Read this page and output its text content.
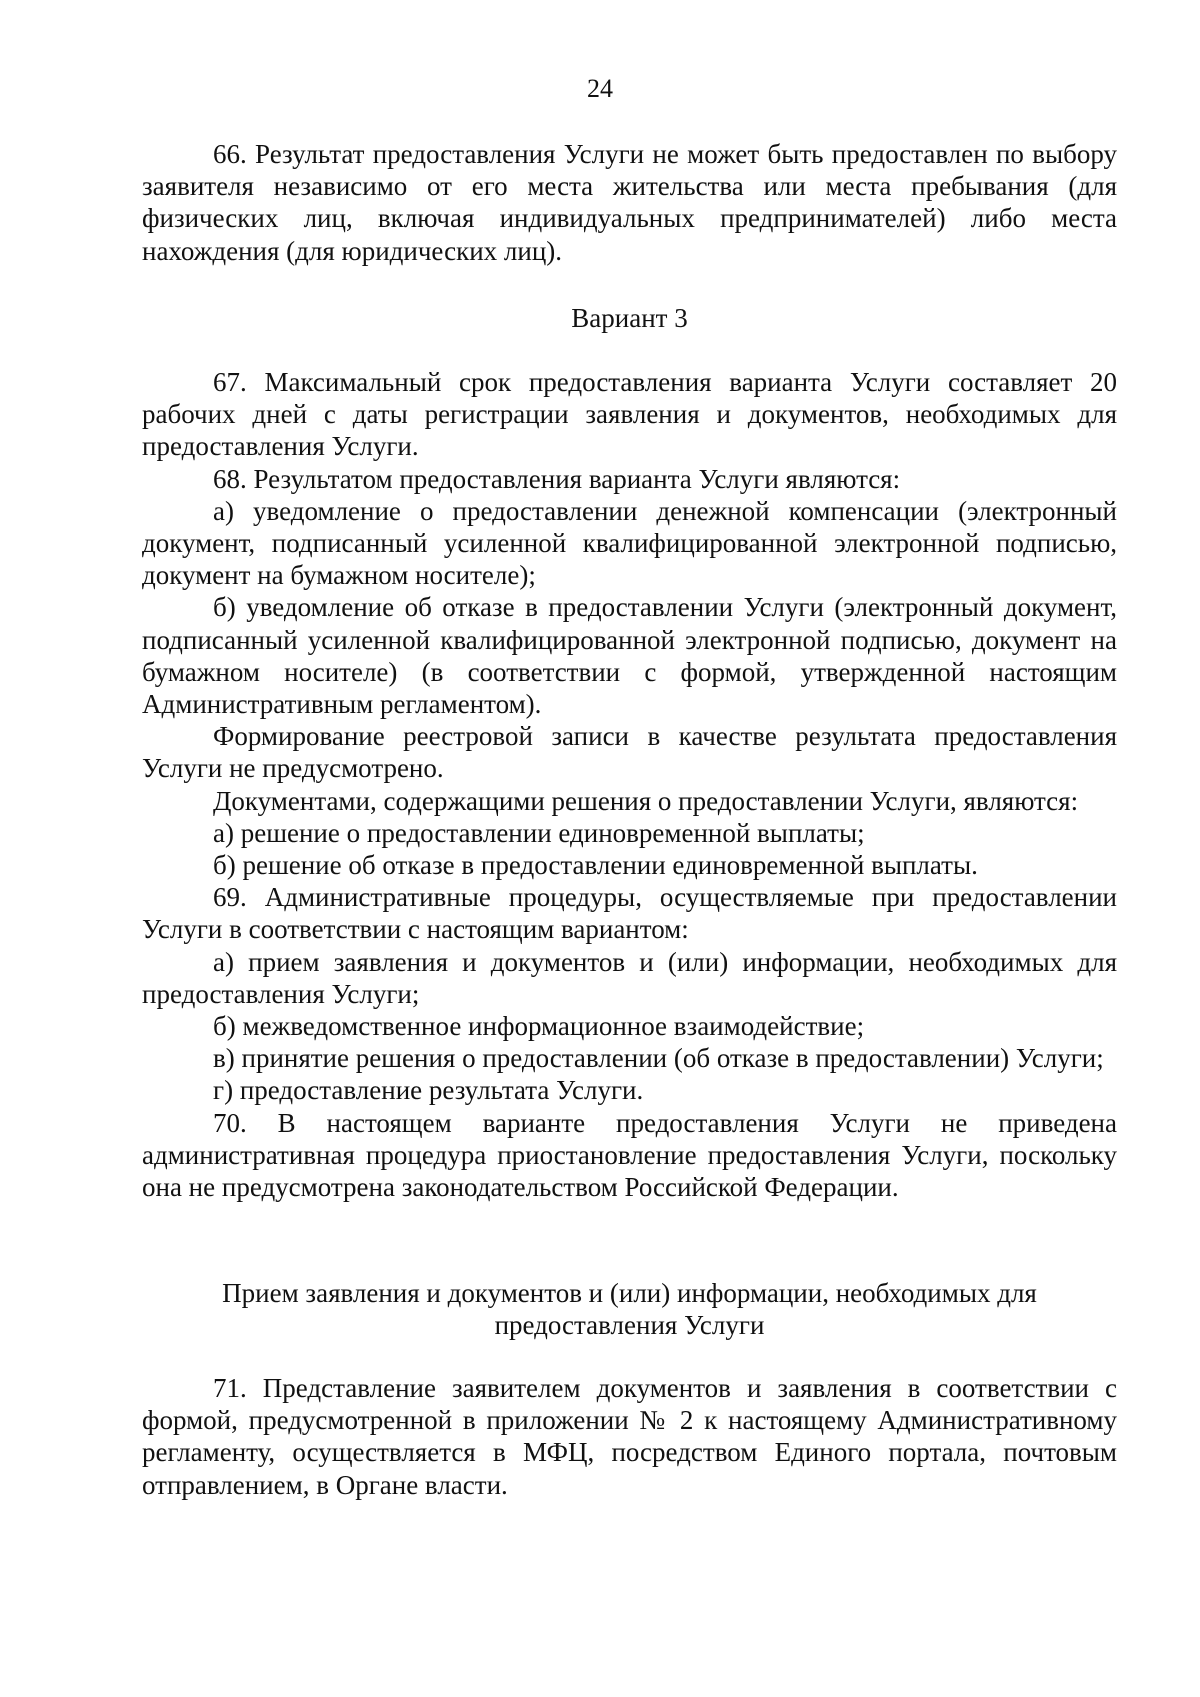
24

66. Результат предоставления Услуги не может быть предоставлен по выбору заявителя независимо от его места жительства или места пребывания (для физических лиц, включая индивидуальных предпринимателей) либо места нахождения (для юридических лиц).

Вариант 3

67. Максимальный срок предоставления варианта Услуги составляет 20 рабочих дней с даты регистрации заявления и документов, необходимых для предоставления Услуги.

68. Результатом предоставления варианта Услуги являются:

а) уведомление о предоставлении денежной компенсации (электронный документ, подписанный усиленной квалифицированной электронной подписью, документ на бумажном носителе);

б) уведомление об отказе в предоставлении Услуги (электронный документ, подписанный усиленной квалифицированной электронной подписью, документ на бумажном носителе) (в соответствии с формой, утвержденной настоящим Административным регламентом).

Формирование реестровой записи в качестве результата предоставления Услуги не предусмотрено.

Документами, содержащими решения о предоставлении Услуги, являются:

а) решение о предоставлении единовременной выплаты;

б) решение об отказе в предоставлении единовременной выплаты.

69. Административные процедуры, осуществляемые при предоставлении Услуги в соответствии с настоящим вариантом:

а) прием заявления и документов и (или) информации, необходимых для предоставления Услуги;

б) межведомственное информационное взаимодействие;

в) принятие решения о предоставлении (об отказе в предоставлении) Услуги;

г) предоставление результата Услуги.

70. В настоящем варианте предоставления Услуги не приведена административная процедура приостановление предоставления Услуги, поскольку она не предусмотрена законодательством Российской Федерации.

Прием заявления и документов и (или) информации, необходимых для

предоставления Услуги

71. Представление заявителем документов и заявления в соответствии с формой, предусмотренной в приложении № 2 к настоящему Административному регламенту, осуществляется в МФЦ, посредством Единого портала, почтовым отправлением, в Органе власти.
